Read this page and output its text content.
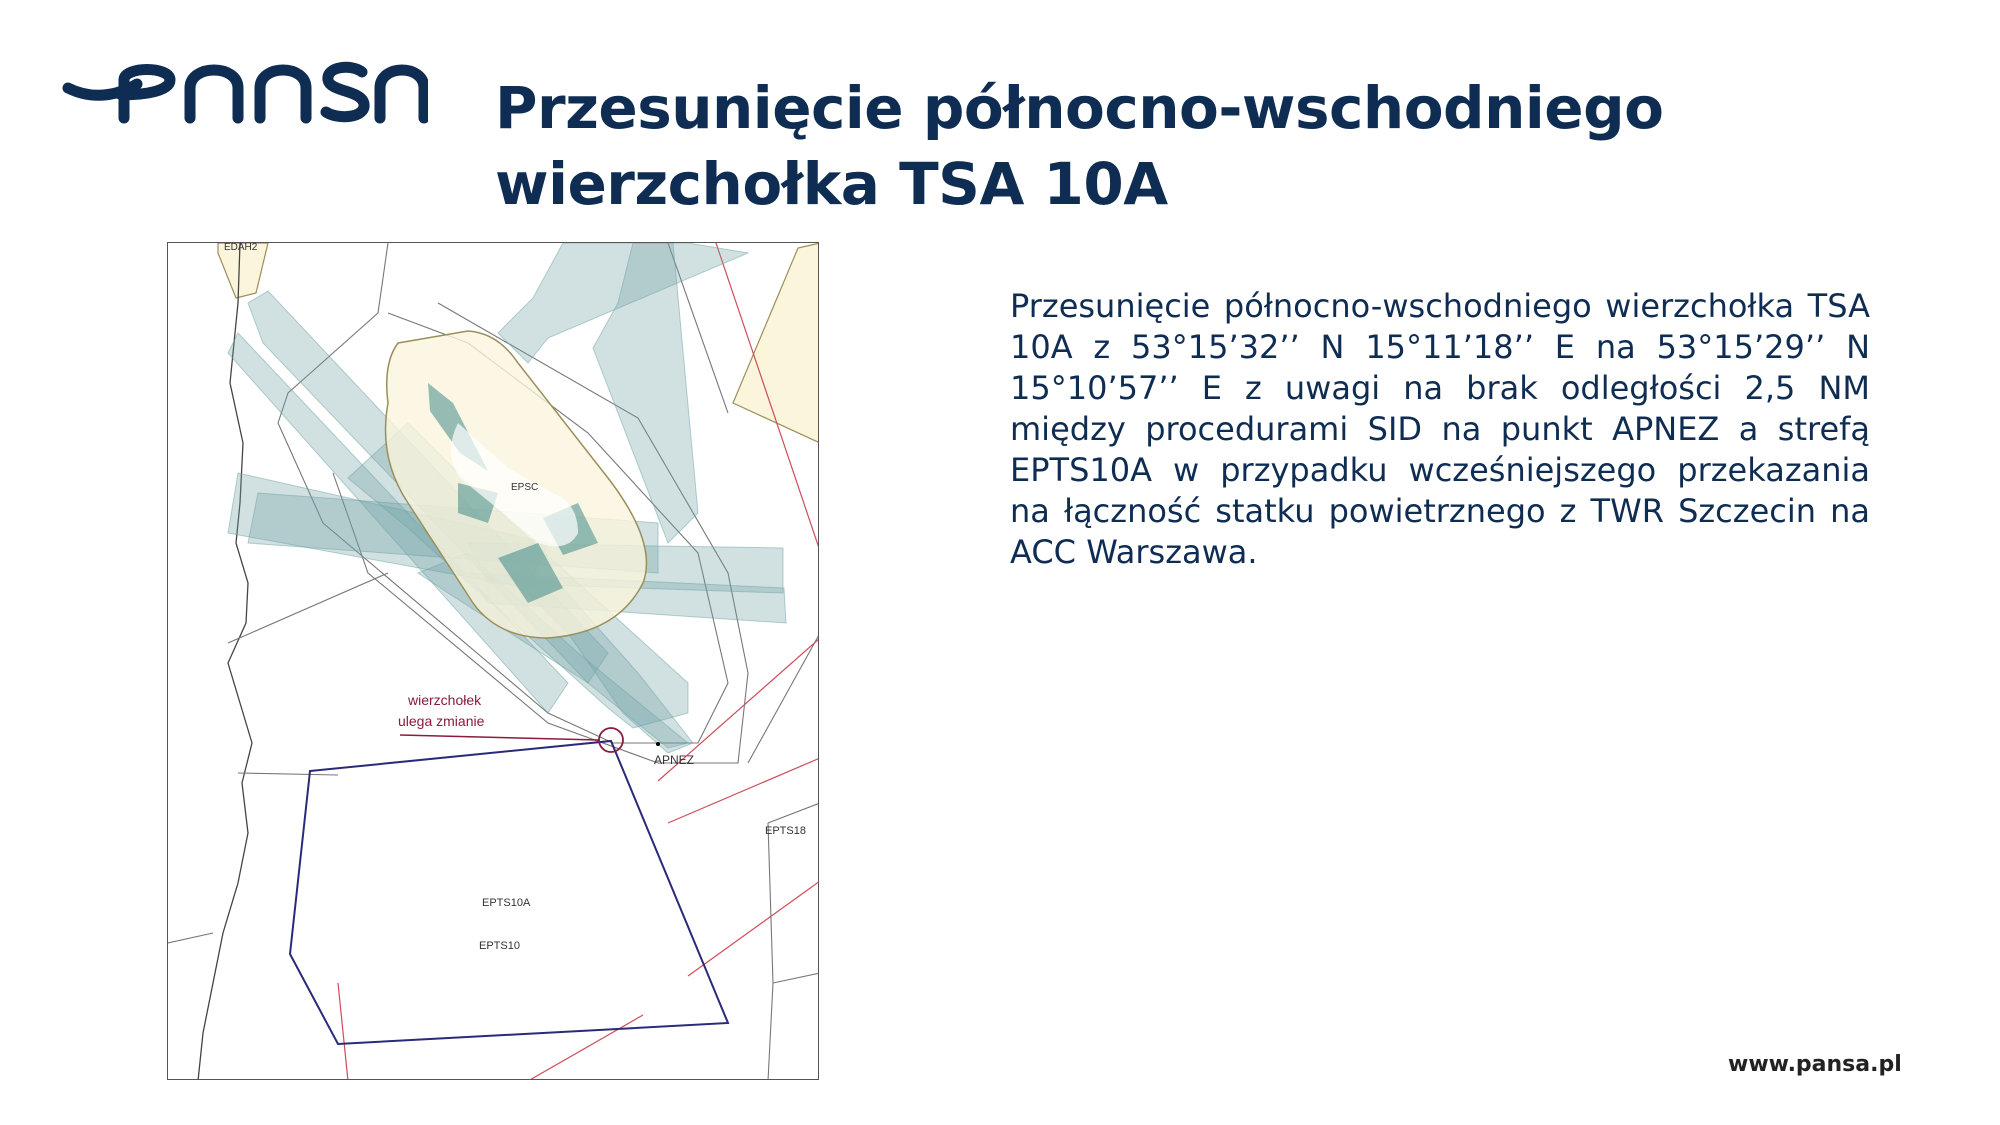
Przesunięcie północno-wschodniego wierzchołka TSA 10A
wierzchołek
ulega zmianie
APNEZ
EDAH2
EPSC
EPTS18
EPTS10A
EPTS10

Przesunięcie północno-wschodniego wierzchołka TSA 10A z 53°15’32’’ N 15°11’18’’ E na 53°15’29’’ N 15°10’57’’ E z uwagi na brak odległości 2,5 NM między procedurami SID na punkt APNEZ a strefą EPTS10A w przypadku wcześniejszego przekazania na łączność statku powietrznego z TWR Szczecin na ACC Warszawa.

www.pansa.pl
